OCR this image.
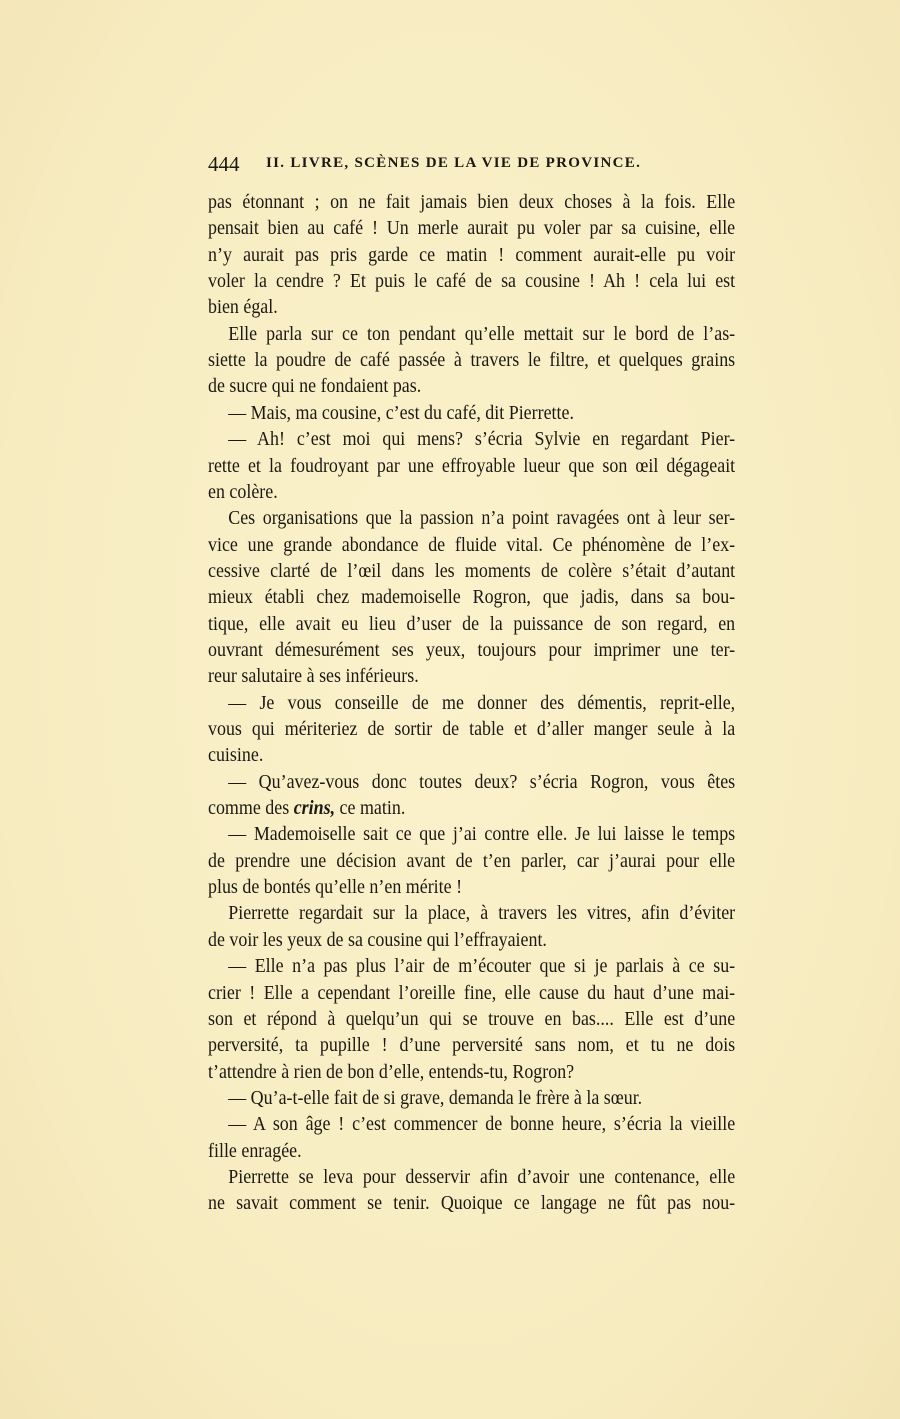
444 II. LIVRE, SCÈNES DE LA VIE DE PROVINCE.
pas étonnant ; on ne fait jamais bien deux choses à la fois. Elle
pensait bien au café ! Un merle aurait pu voler par sa cuisine, elle
n’y aurait pas pris garde ce matin ! comment aurait-elle pu voir
voler la cendre ? Et puis le café de sa cousine ! Ah ! cela lui est
bien égal.
Elle parla sur ce ton pendant qu’elle mettait sur le bord de l’as-
siette la poudre de café passée à travers le filtre, et quelques grains
de sucre qui ne fondaient pas.
— Mais, ma cousine, c’est du café, dit Pierrette.
— Ah! c’est moi qui mens? s’écria Sylvie en regardant Pier-
rette et la foudroyant par une effroyable lueur que son œil dégageait
en colère.
Ces organisations que la passion n’a point ravagées ont à leur ser-
vice une grande abondance de fluide vital. Ce phénomène de l’ex-
cessive clarté de l’œil dans les moments de colère s’était d’autant
mieux établi chez mademoiselle Rogron, que jadis, dans sa bou-
tique, elle avait eu lieu d’user de la puissance de son regard, en
ouvrant démesurément ses yeux, toujours pour imprimer une ter-
reur salutaire à ses inférieurs.
— Je vous conseille de me donner des démentis, reprit-elle,
vous qui mériteriez de sortir de table et d’aller manger seule à la
cuisine.
— Qu’avez-vous donc toutes deux? s’écria Rogron, vous êtes
comme des crins, ce matin.
— Mademoiselle sait ce que j’ai contre elle. Je lui laisse le temps
de prendre une décision avant de t’en parler, car j’aurai pour elle
plus de bontés qu’elle n’en mérite !
Pierrette regardait sur la place, à travers les vitres, afin d’éviter
de voir les yeux de sa cousine qui l’effrayaient.
— Elle n’a pas plus l’air de m’écouter que si je parlais à ce su-
crier ! Elle a cependant l’oreille fine, elle cause du haut d’une mai-
son et répond à quelqu’un qui se trouve en bas.... Elle est d’une
perversité, ta pupille ! d’une perversité sans nom, et tu ne dois
t’attendre à rien de bon d’elle, entends-tu, Rogron?
— Qu’a-t-elle fait de si grave, demanda le frère à la sœur.
— A son âge ! c’est commencer de bonne heure, s’écria la vieille
fille enragée.
Pierrette se leva pour desservir afin d’avoir une contenance, elle
ne savait comment se tenir. Quoique ce langage ne fût pas nou-
